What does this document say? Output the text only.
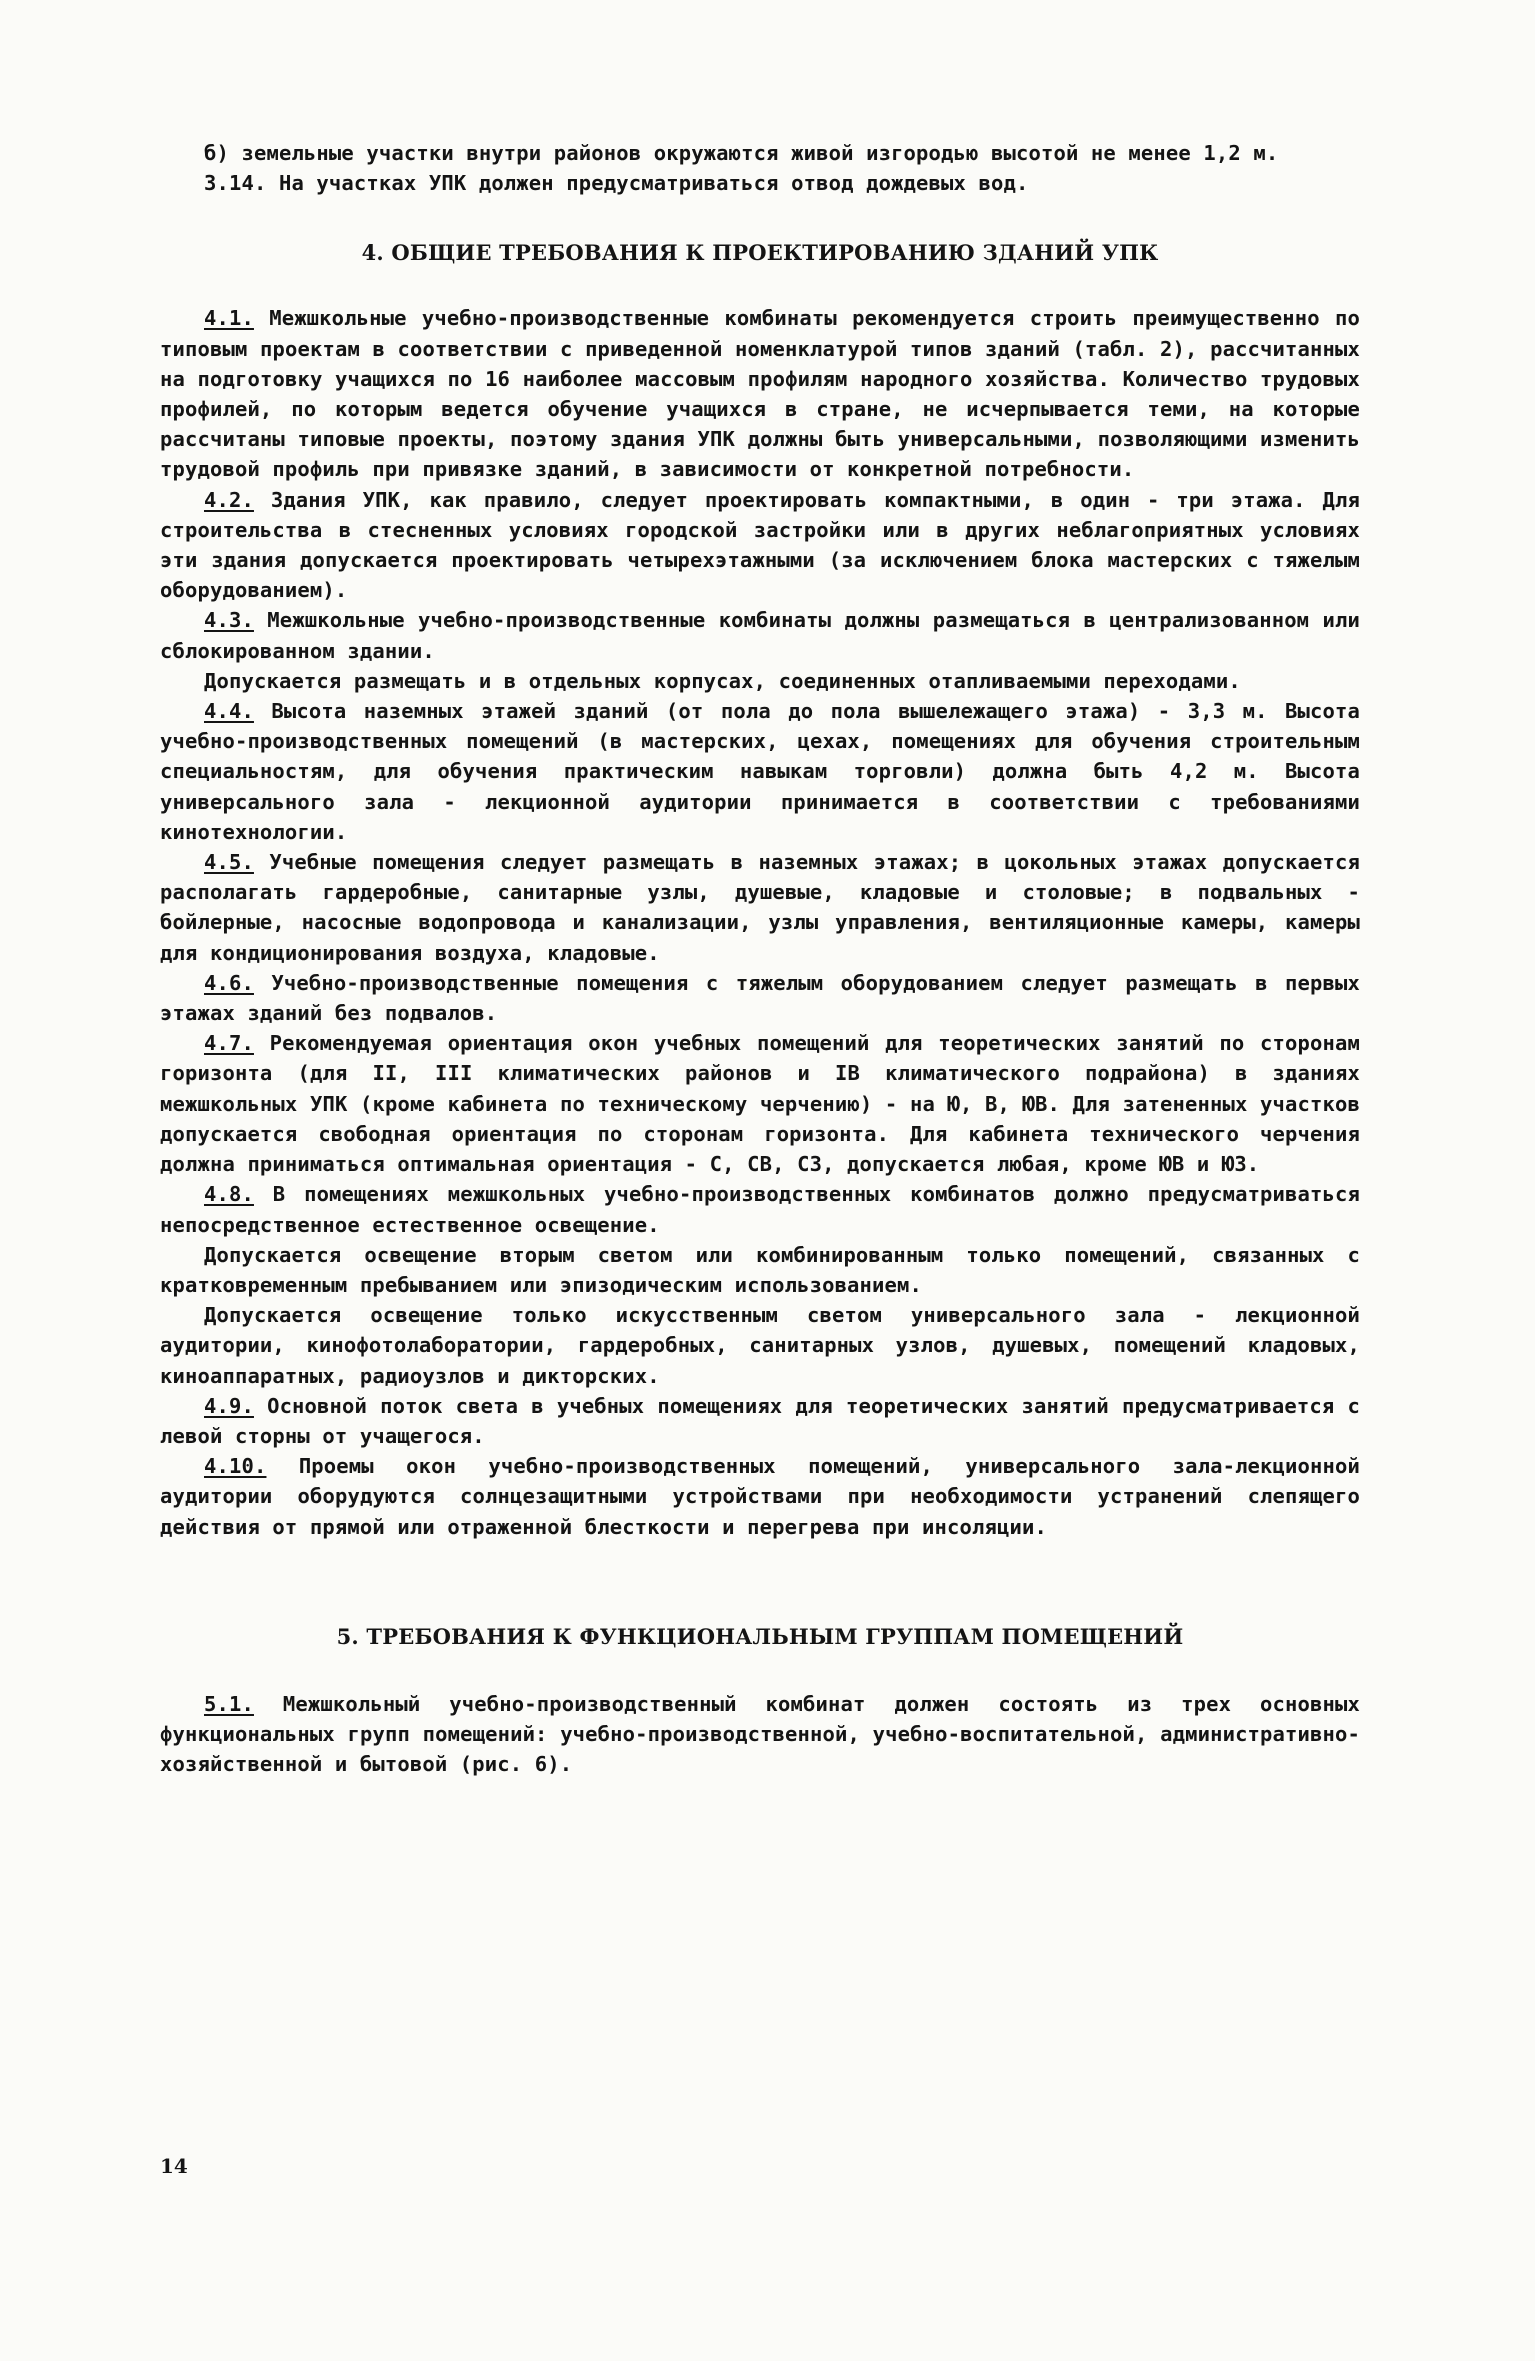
б) земельные участки внутри районов окружаются живой изгородью высотой не менее 1,2 м.

3.14. На участках УПК должен предусматриваться отвод дождевых вод.

4. ОБЩИЕ ТРЕБОВАНИЯ К ПРОЕКТИРОВАНИЮ ЗДАНИЙ УПК

4.1. Межшкольные учебно-производственные комбинаты рекомендуется строить преимущественно по типовым проектам в соответствии с приведенной номенклатурой типов зданий (табл. 2), рассчитанных на подготовку учащихся по 16 наиболее массовым профилям народного хозяйства. Количество трудовых профилей, по которым ведется обучение учащихся в стране, не исчерпывается теми, на которые рассчитаны типовые проекты, поэтому здания УПК должны быть универсальными, позволяющими изменить трудовой профиль при привязке зданий, в зависимости от конкретной потребности.

4.2. Здания УПК, как правило, следует проектировать компактными, в один - три этажа. Для строительства в стесненных условиях городской застройки или в других неблагоприятных условиях эти здания допускается проектировать четырехэтажными (за исключением блока мастерских с тяжелым оборудованием).

4.3. Межшкольные учебно-производственные комбинаты должны размещаться в централизованном или сблокированном здании.

Допускается размещать и в отдельных корпусах, соединенных отапливаемыми переходами.

4.4. Высота наземных этажей зданий (от пола до пола вышележащего этажа) - 3,3 м. Высота учебно-производственных помещений (в мастерских, цехах, помещениях для обучения строительным специальностям, для обучения практическим навыкам торговли) должна быть 4,2 м. Высота универсального зала - лекционной аудитории принимается в соответствии с требованиями кинотехнологии.

4.5. Учебные помещения следует размещать в наземных этажах; в цокольных этажах допускается располагать гардеробные, санитарные узлы, душевые, кладовые и столовые; в подвальных - бойлерные, насосные водопровода и канализации, узлы управления, вентиляционные камеры, камеры для кондиционирования воздуха, кладовые.

4.6. Учебно-производственные помещения с тяжелым оборудованием следует размещать в первых этажах зданий без подвалов.

4.7. Рекомендуемая ориентация окон учебных помещений для теоретических занятий по сторонам горизонта (для II, III климатических районов и IВ климатического подрайона) в зданиях межшкольных УПК (кроме кабинета по техническому черчению) - на Ю, В, ЮВ. Для затененных участков допускается свободная ориентация по сторонам горизонта. Для кабинета технического черчения должна приниматься оптимальная ориентация - С, СВ, СЗ, допускается любая, кроме ЮВ и ЮЗ.

4.8. В помещениях межшкольных учебно-производственных комбинатов должно предусматриваться непосредственное естественное освещение.

Допускается освещение вторым светом или комбинированным только помещений, связанных с кратковременным пребыванием или эпизодическим использованием.

Допускается освещение только искусственным светом универсального зала - лекционной аудитории, кинофотолаборатории, гардеробных, санитарных узлов, душевых, помещений кладовых, киноаппаратных, радиоузлов и дикторских.

4.9. Основной поток света в учебных помещениях для теоретических занятий предусматривается с левой сторны от учащегося.

4.10. Проемы окон учебно-производственных помещений, универсального зала-лекционной аудитории оборудуются солнцезащитными устройствами при необходимости устранений слепящего действия от прямой или отраженной блесткости и перегрева при инсоляции.

5. ТРЕБОВАНИЯ К ФУНКЦИОНАЛЬНЫМ ГРУППАМ ПОМЕЩЕНИЙ

5.1. Межшкольный учебно-производственный комбинат должен состоять из трех основных функциональных групп помещений: учебно-производственной, учебно-воспитательной, административно-хозяйственной и бытовой (рис. 6).

14
